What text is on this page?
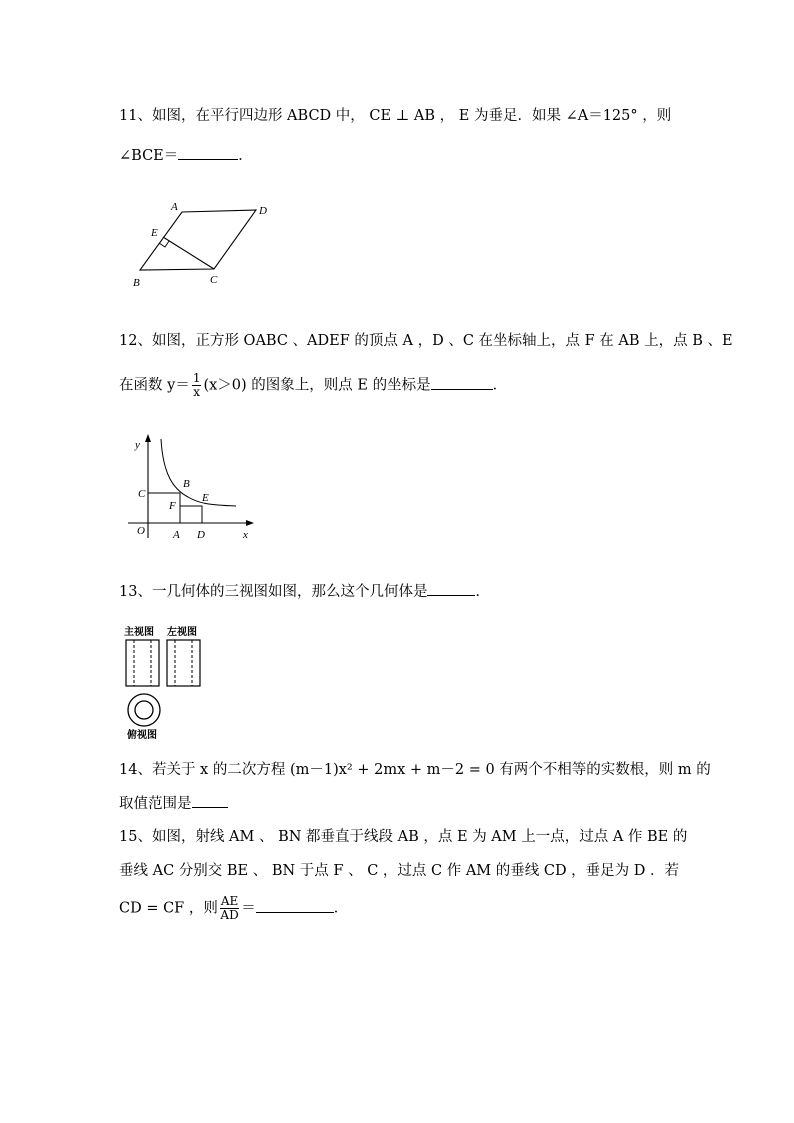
11、如图，在平行四边形 ABCD 中， CE ⊥ AB ， E 为垂足．如果 ∠A＝125° ，则
∠BCE＝	．
A	D
E
B	C
12、如图，正方形 OABC 、ADEF 的顶点 A ，D 、C 在坐标轴上，点 F 在 AB 上，点 B 、E
在函数 $y= \frac{1}{x} (x>0)$ 的图象上，则点 E 的坐标是	．
y
C
B
F
E
O	A D	x
13、一几何体的三视图如图，那么这个几何体是	．
主视图 左视图
俯视图
14、若关于 x 的二次方程 (m－1)x² + 2mx + m－2 = 0 有两个不相等的实数根，则 m 的
取值范围是
15、如图，射线 AM 、 BN 都垂直于线段 AB ，点 E 为 AM 上一点，过点 A 作 BE 的
垂线 AC 分别交 BE 、 BN 于点 F 、 C ，过点 C 作 AM 的垂线 CD ，垂足为 D ．若
CD = CF ，则 $\frac{AE}{AD}$ ＝	．
